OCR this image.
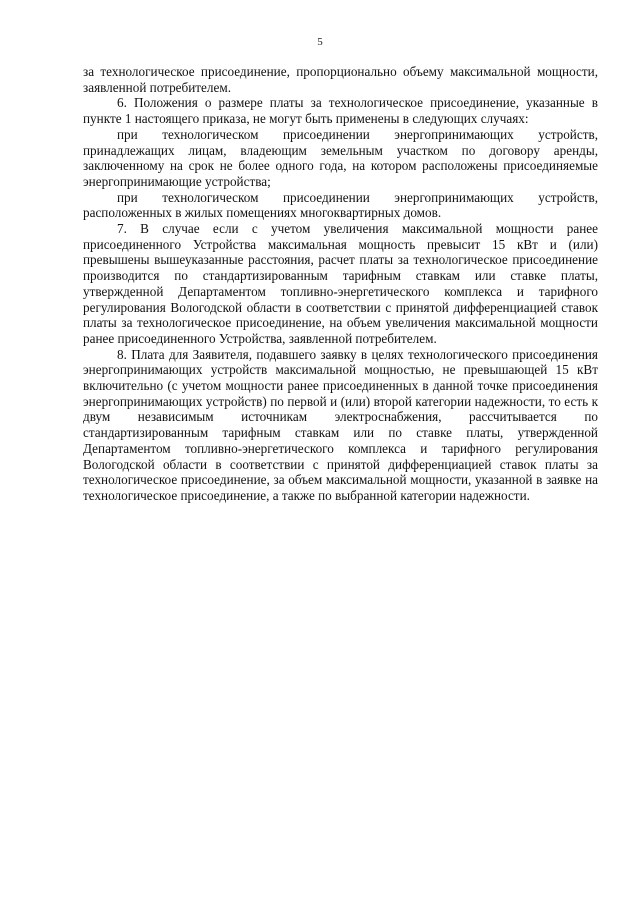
5

за технологическое присоединение, пропорционально объему максимальной мощности, заявленной потребителем.

6. Положения о размере платы за технологическое присоединение, указанные в пункте 1 настоящего приказа, не могут быть применены в следующих случаях:

при технологическом присоединении энергопринимающих устройств, принадлежащих лицам, владеющим земельным участком по договору аренды, заключенному на срок не более одного года, на котором расположены присоединяемые энергопринимающие устройства;

при технологическом присоединении энергопринимающих устройств, расположенных в жилых помещениях многоквартирных домов.

7. В случае если с учетом увеличения максимальной мощности ранее присоединенного Устройства максимальная мощность превысит 15 кВт и (или) превышены вышеуказанные расстояния, расчет платы за технологическое присоединение производится по стандартизированным тарифным ставкам или ставке платы, утвержденной Департаментом топливно-энергетического комплекса и тарифного регулирования Вологодской области в соответствии с принятой дифференциацией ставок платы за технологическое присоединение, на объем увеличения максимальной мощности ранее присоединенного Устройства, заявленной потребителем.

8. Плата для Заявителя, подавшего заявку в целях технологического присоединения энергопринимающих устройств максимальной мощностью, не превышающей 15 кВт включительно (с учетом мощности ранее присоединенных в данной точке присоединения энергопринимающих устройств) по первой и (или) второй категории надежности, то есть к двум независимым источникам электроснабжения, рассчитывается по стандартизированным тарифным ставкам или по ставке платы, утвержденной Департаментом топливно-энергетического комплекса и тарифного регулирования Вологодской области в соответствии с принятой дифференциацией ставок платы за технологическое присоединение, за объем максимальной мощности, указанной в заявке на технологическое присоединение, а также по выбранной категории надежности.
